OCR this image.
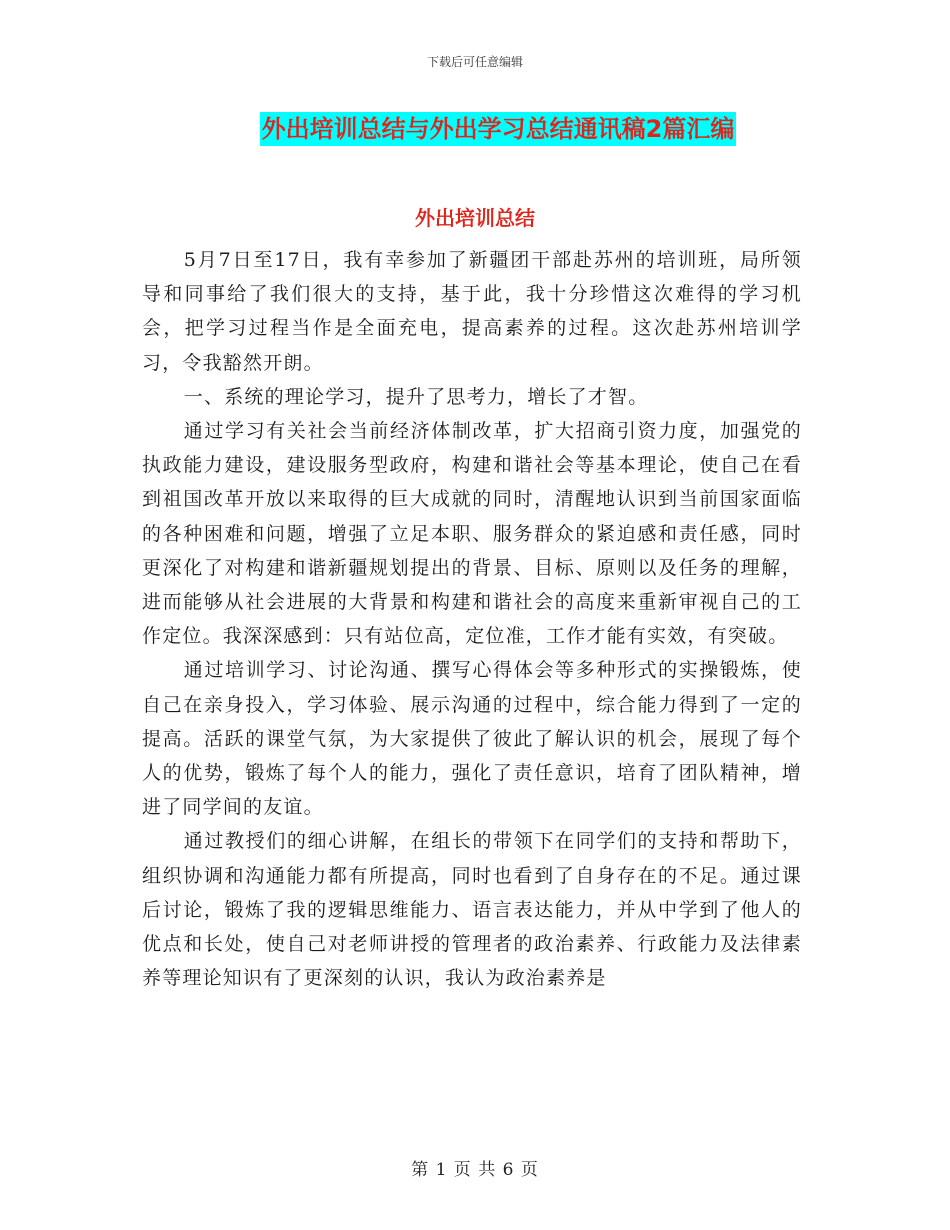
下载后可任意编辑
外出培训总结与外出学习总结通讯稿2篇汇编
外出培训总结

5月7日至17日，我有幸参加了新疆团干部赴苏州的培训班，局所领导和同事给了我们很大的支持，基于此，我十分珍惜这次难得的学习机会，把学习过程当作是全面充电，提高素养的过程。这次赴苏州培训学习，令我豁然开朗。

一、系统的理论学习，提升了思考力，增长了才智。

通过学习有关社会当前经济体制改革，扩大招商引资力度，加强党的执政能力建设，建设服务型政府，构建和谐社会等基本理论，使自己在看到祖国改革开放以来取得的巨大成就的同时，清醒地认识到当前国家面临的各种困难和问题，增强了立足本职、服务群众的紧迫感和责任感，同时更深化了对构建和谐新疆规划提出的背景、目标、原则以及任务的理解，进而能够从社会进展的大背景和构建和谐社会的高度来重新审视自己的工作定位。我深深感到：只有站位高，定位准，工作才能有实效，有突破。

通过培训学习、讨论沟通、撰写心得体会等多种形式的实操锻炼，使自己在亲身投入，学习体验、展示沟通的过程中，综合能力得到了一定的提高。活跃的课堂气氛，为大家提供了彼此了解认识的机会，展现了每个人的优势，锻炼了每个人的能力，强化了责任意识，培育了团队精神，增进了同学间的友谊。

通过教授们的细心讲解，在组长的带领下在同学们的支持和帮助下，组织协调和沟通能力都有所提高，同时也看到了自身存在的不足。通过课后讨论，锻炼了我的逻辑思维能力、语言表达能力，并从中学到了他人的优点和长处，使自己对老师讲授的管理者的政治素养、行政能力及法律素养等理论知识有了更深刻的认识，我认为政治素养是

第 1 页 共 6 页
